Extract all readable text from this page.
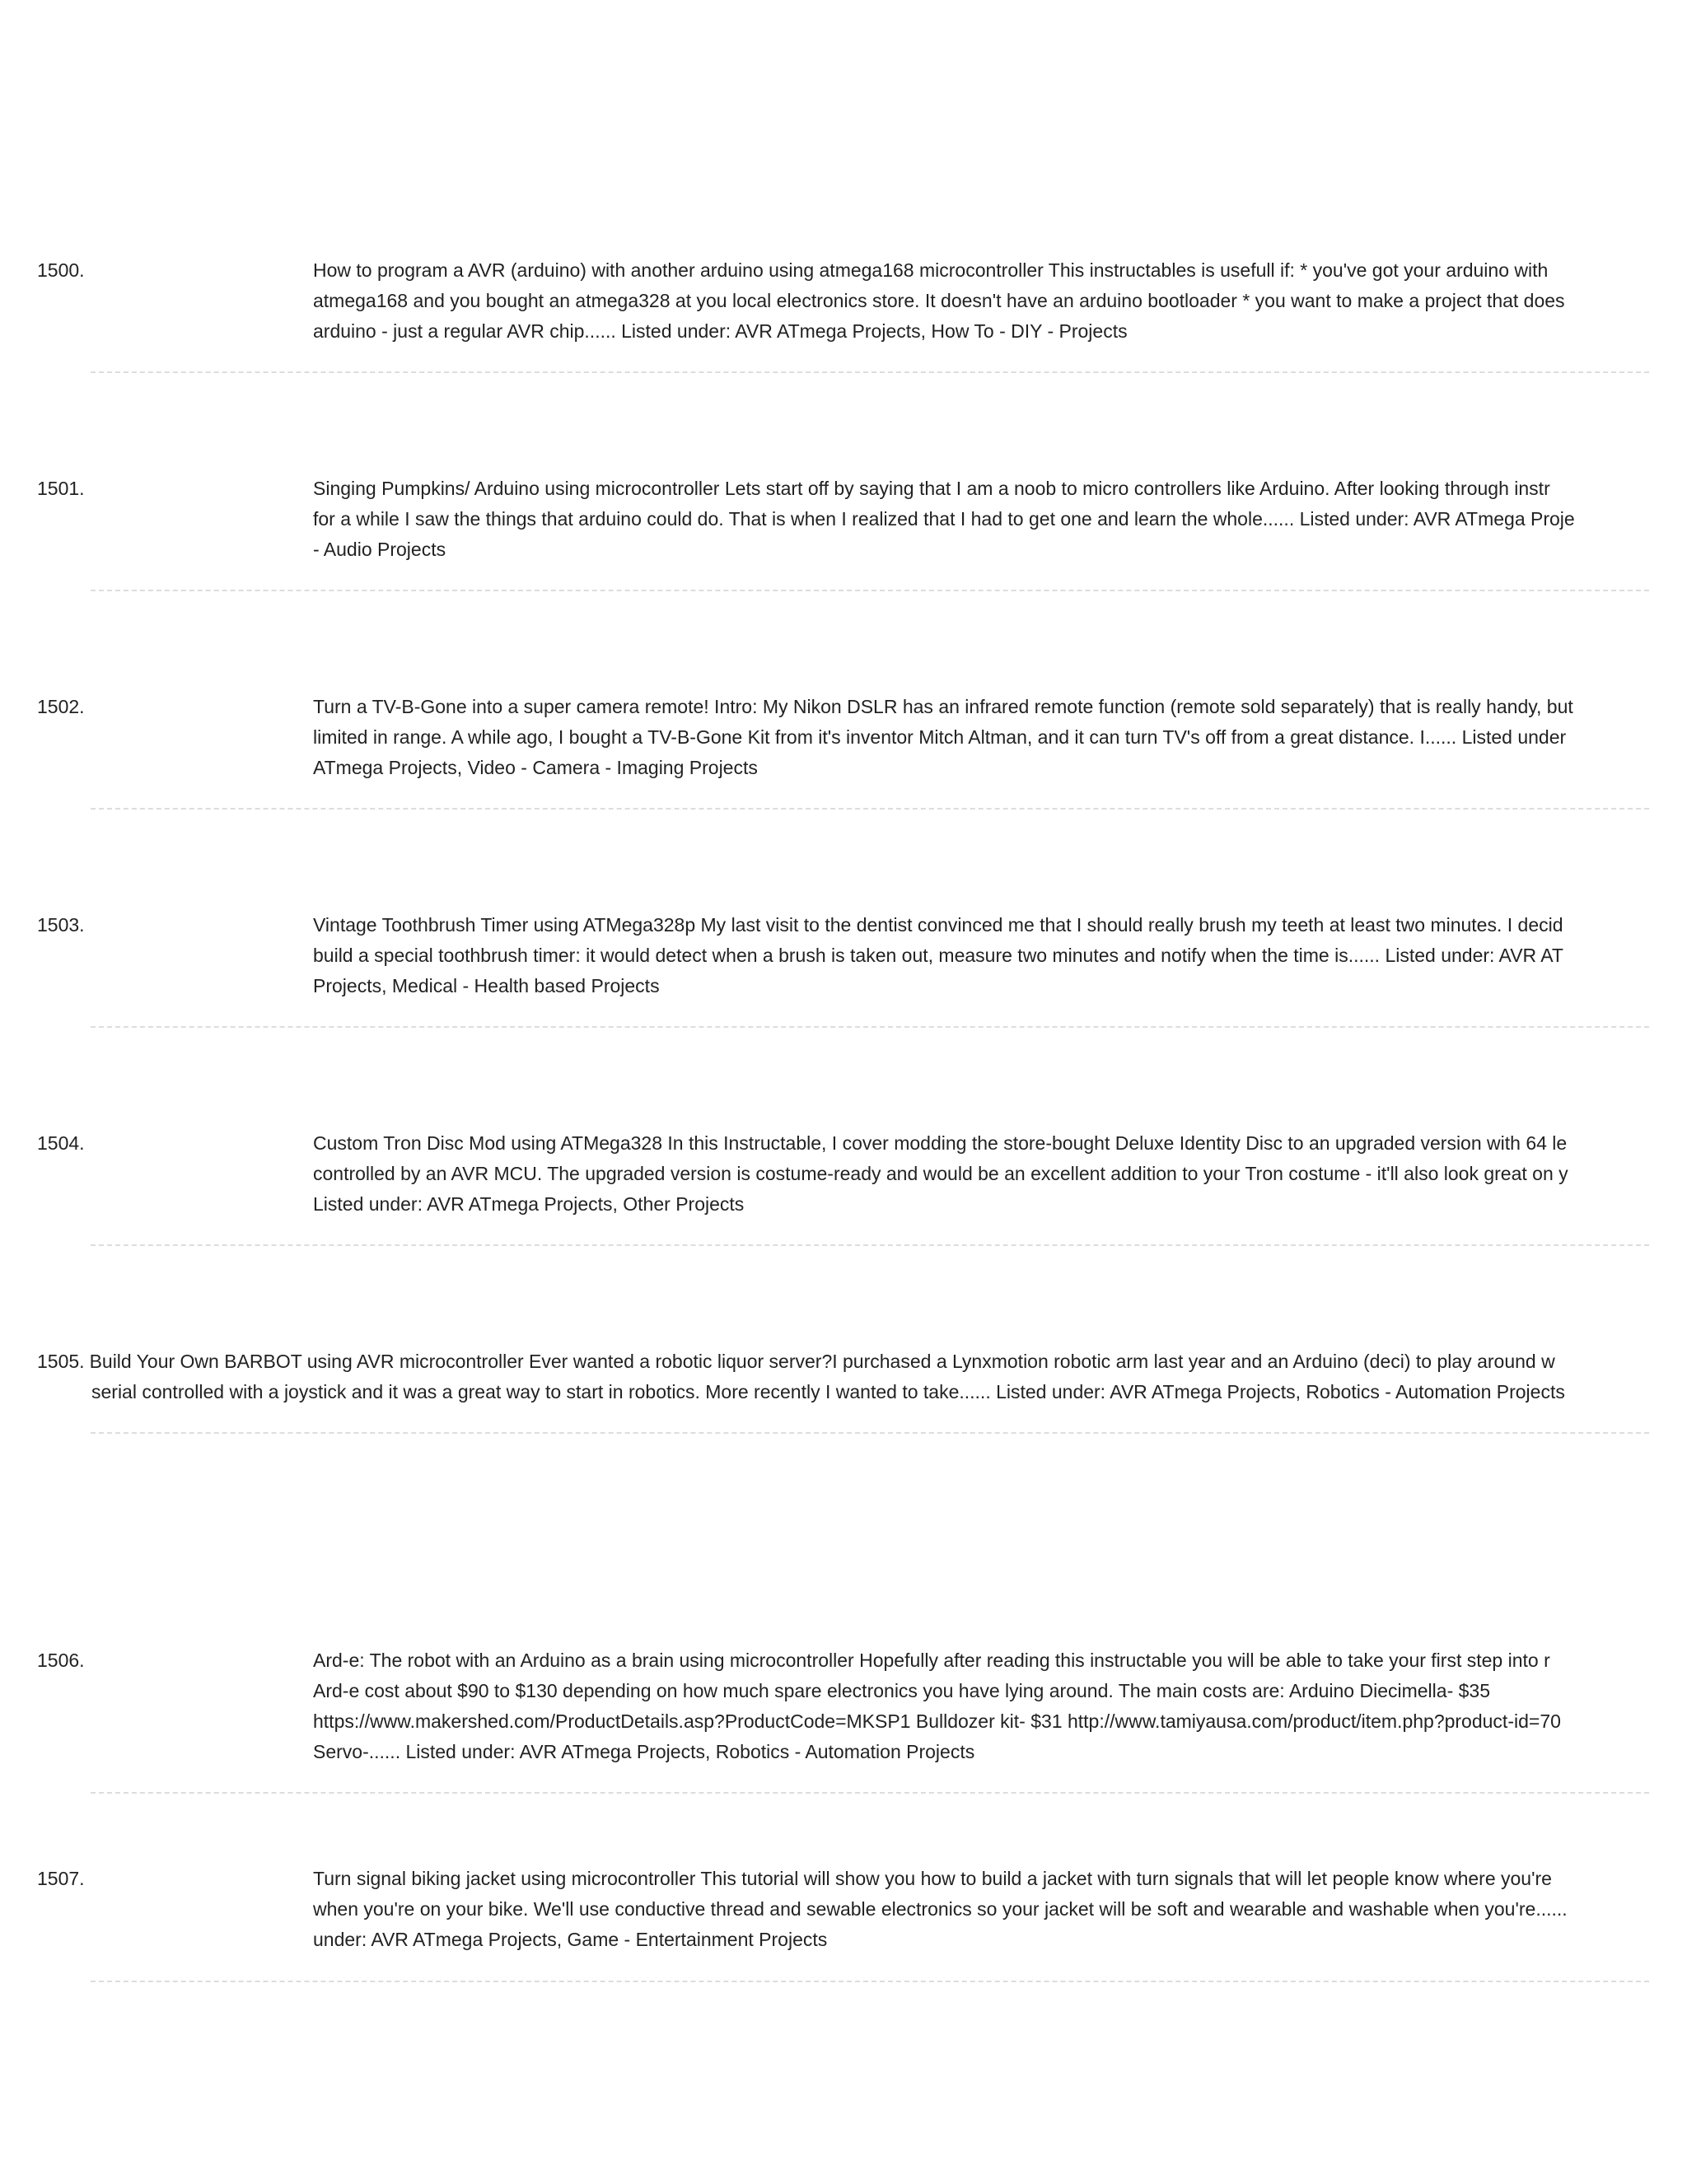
1500.	How to program a AVR (arduino) with another arduino using atmega168 microcontroller This instructables is usefull if: * you've got your arduino with
atmega168 and you bought an atmega328 at you local electronics store. It doesn't have an arduino bootloader * you want to make a project that does
arduino - just a regular AVR chip...... Listed under: AVR ATmega Projects, How To - DIY - Projects
1501.	Singing Pumpkins/ Arduino using microcontroller Lets start off by saying that I am a noob to micro controllers like Arduino. After looking through instr
for a while I saw the things that arduino could do. That is when I realized that I had to get one and learn the whole...... Listed under: AVR ATmega Proje
- Audio Projects
1502.	Turn a TV-B-Gone into a super camera remote! Intro: My Nikon DSLR has an infrared remote function (remote sold separately) that is really handy, but
limited in range. A while ago, I bought a TV-B-Gone Kit from it's inventor Mitch Altman, and it can turn TV's off from a great distance. I...... Listed under
ATmega Projects, Video - Camera - Imaging Projects
1503.	Vintage Toothbrush Timer using ATMega328p My last visit to the dentist convinced me that I should really brush my teeth at least two minutes. I decid
build a special toothbrush timer: it would detect when a brush is taken out, measure two minutes and notify when the time is...... Listed under: AVR AT
Projects, Medical - Health based Projects
1504.	Custom Tron Disc Mod using ATMega328 In this Instructable, I cover modding the store-bought Deluxe Identity Disc to an upgraded version with 64 le
controlled by an AVR MCU. The upgraded version is costume-ready and would be an excellent addition to your Tron costume - it'll also look great on y
Listed under: AVR ATmega Projects, Other Projects
1505. Build Your Own BARBOT using AVR microcontroller Ever wanted a robotic liquor server?I purchased a Lynxmotion robotic arm last year and an Arduino (deci) to play around w
serial controlled with a joystick and it was a great way to start in robotics. More recently I wanted to take...... Listed under: AVR ATmega Projects, Robotics - Automation Projects
1506.	Ard-e: The robot with an Arduino as a brain using microcontroller Hopefully after reading this instructable you will be able to take your first step into r
Ard-e cost about $90 to $130 depending on how much spare electronics you have lying around. The main costs are: Arduino Diecimella- $35
https://www.makershed.com/ProductDetails.asp?ProductCode=MKSP1 Bulldozer kit- $31 http://www.tamiyausa.com/product/item.php?product-id=70
Servo-...... Listed under: AVR ATmega Projects, Robotics - Automation Projects
1507.	Turn signal biking jacket using microcontroller This tutorial will show you how to build a jacket with turn signals that will let people know where you're
when you're on your bike. We'll use conductive thread and sewable electronics so your jacket will be soft and wearable and washable when you're......
under: AVR ATmega Projects, Game - Entertainment Projects
